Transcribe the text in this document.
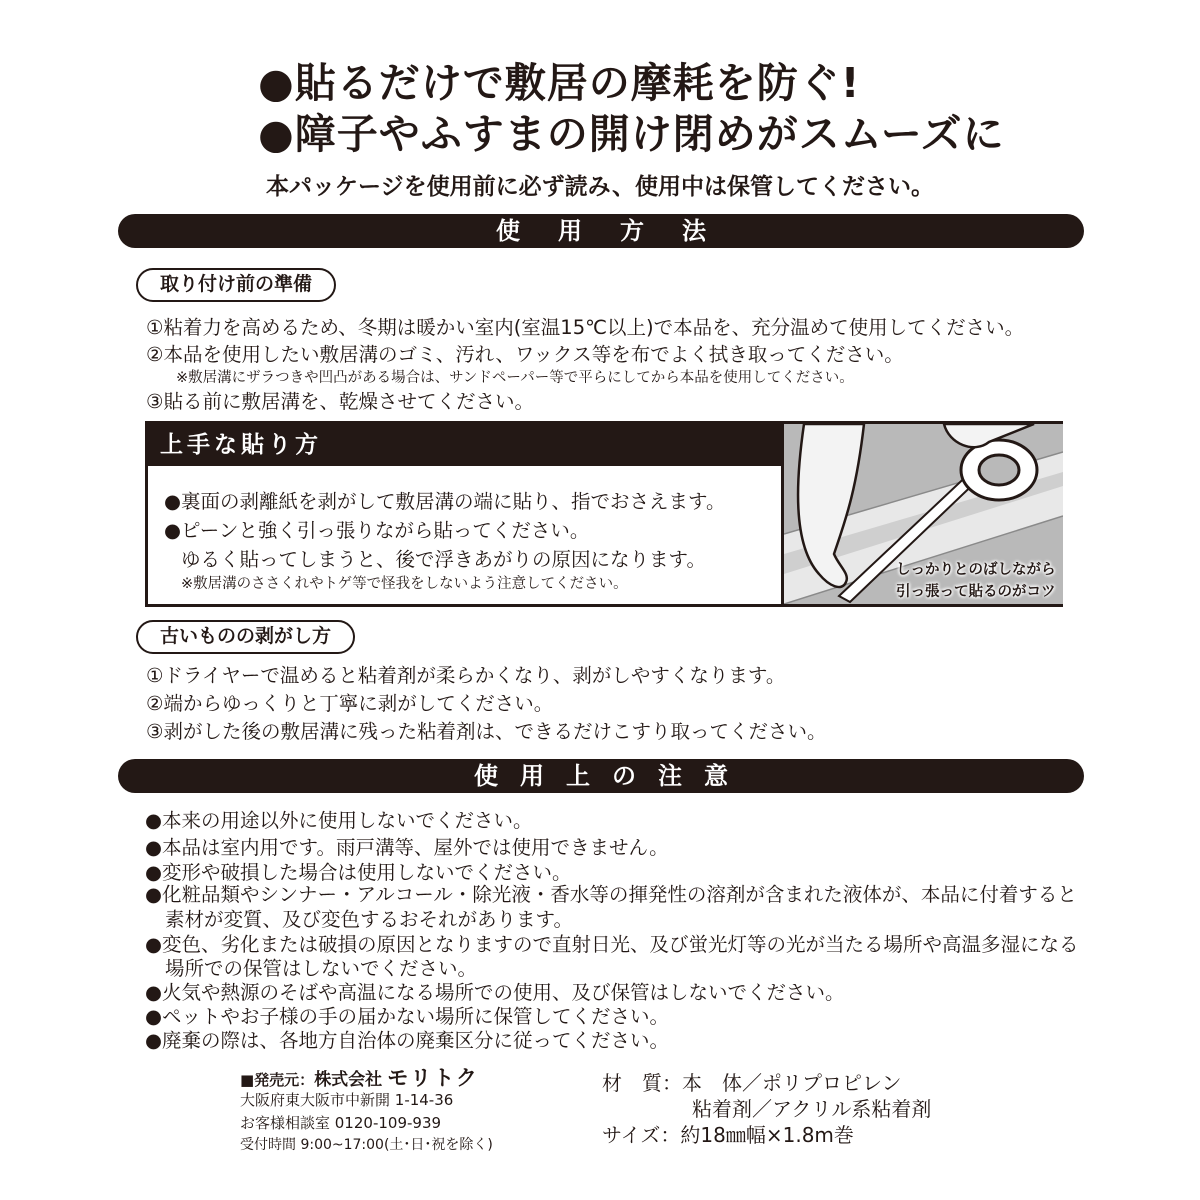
●貼るだけで敷居の摩耗を防ぐ!
●障子やふすまの開け閉めがスムーズに
本パッケージを使用前に必ず読み、使用中は保管してください。
使用方法
取り付け前の準備
①粘着力を高めるため、冬期は暖かい室内(室温15℃以上)で本品を、充分温めて使用してください。
②本品を使用したい敷居溝のゴミ、汚れ、ワックス等を布でよく拭き取ってください。
※敷居溝にザラつきや凹凸がある場合は、サンドペーパー等で平らにしてから本品を使用してください。
③貼る前に敷居溝を、乾燥させてください。
上手な貼り方
●裏面の剥離紙を剥がして敷居溝の端に貼り、指でおさえます。
●ピーンと強く引っ張りながら貼ってください。
ゆるく貼ってしまうと、後で浮きあがりの原因になります。
※敷居溝のささくれやトゲ等で怪我をしないよう注意してください。
しっかりとのばしながら
引っ張って貼るのがコツ
古いものの剥がし方
①ドライヤーで温めると粘着剤が柔らかくなり、剥がしやすくなります。
②端からゆっくりと丁寧に剥がしてください。
③剥がした後の敷居溝に残った粘着剤は、できるだけこすり取ってください。
使用上の注意
●本来の用途以外に使用しないでください。
●本品は室内用です。雨戸溝等、屋外では使用できません。
●変形や破損した場合は使用しないでください。
●化粧品類やシンナー・アルコール・除光液・香水等の揮発性の溶剤が含まれた液体が、本品に付着すると
素材が変質、及び変色するおそれがあります。
●変色、劣化または破損の原因となりますので直射日光、及び蛍光灯等の光が当たる場所や高温多湿になる
場所での保管はしないでください。
●火気や熱源のそばや高温になる場所での使用、及び保管はしないでください。
●ペットやお子様の手の届かない場所に保管してください。
●廃棄の際は、各地方自治体の廃棄区分に従ってください。
■発売元：株式会社 モリトク
大阪府東大阪市中新開 1-14-36
お客様相談室 0120-109-939
受付時間 9:00~17:00(土･日･祝を除く)
材　質：本　体／ポリプロピレン
粘着剤／アクリル系粘着剤
サイズ：約18㎜幅×1.8m巻
